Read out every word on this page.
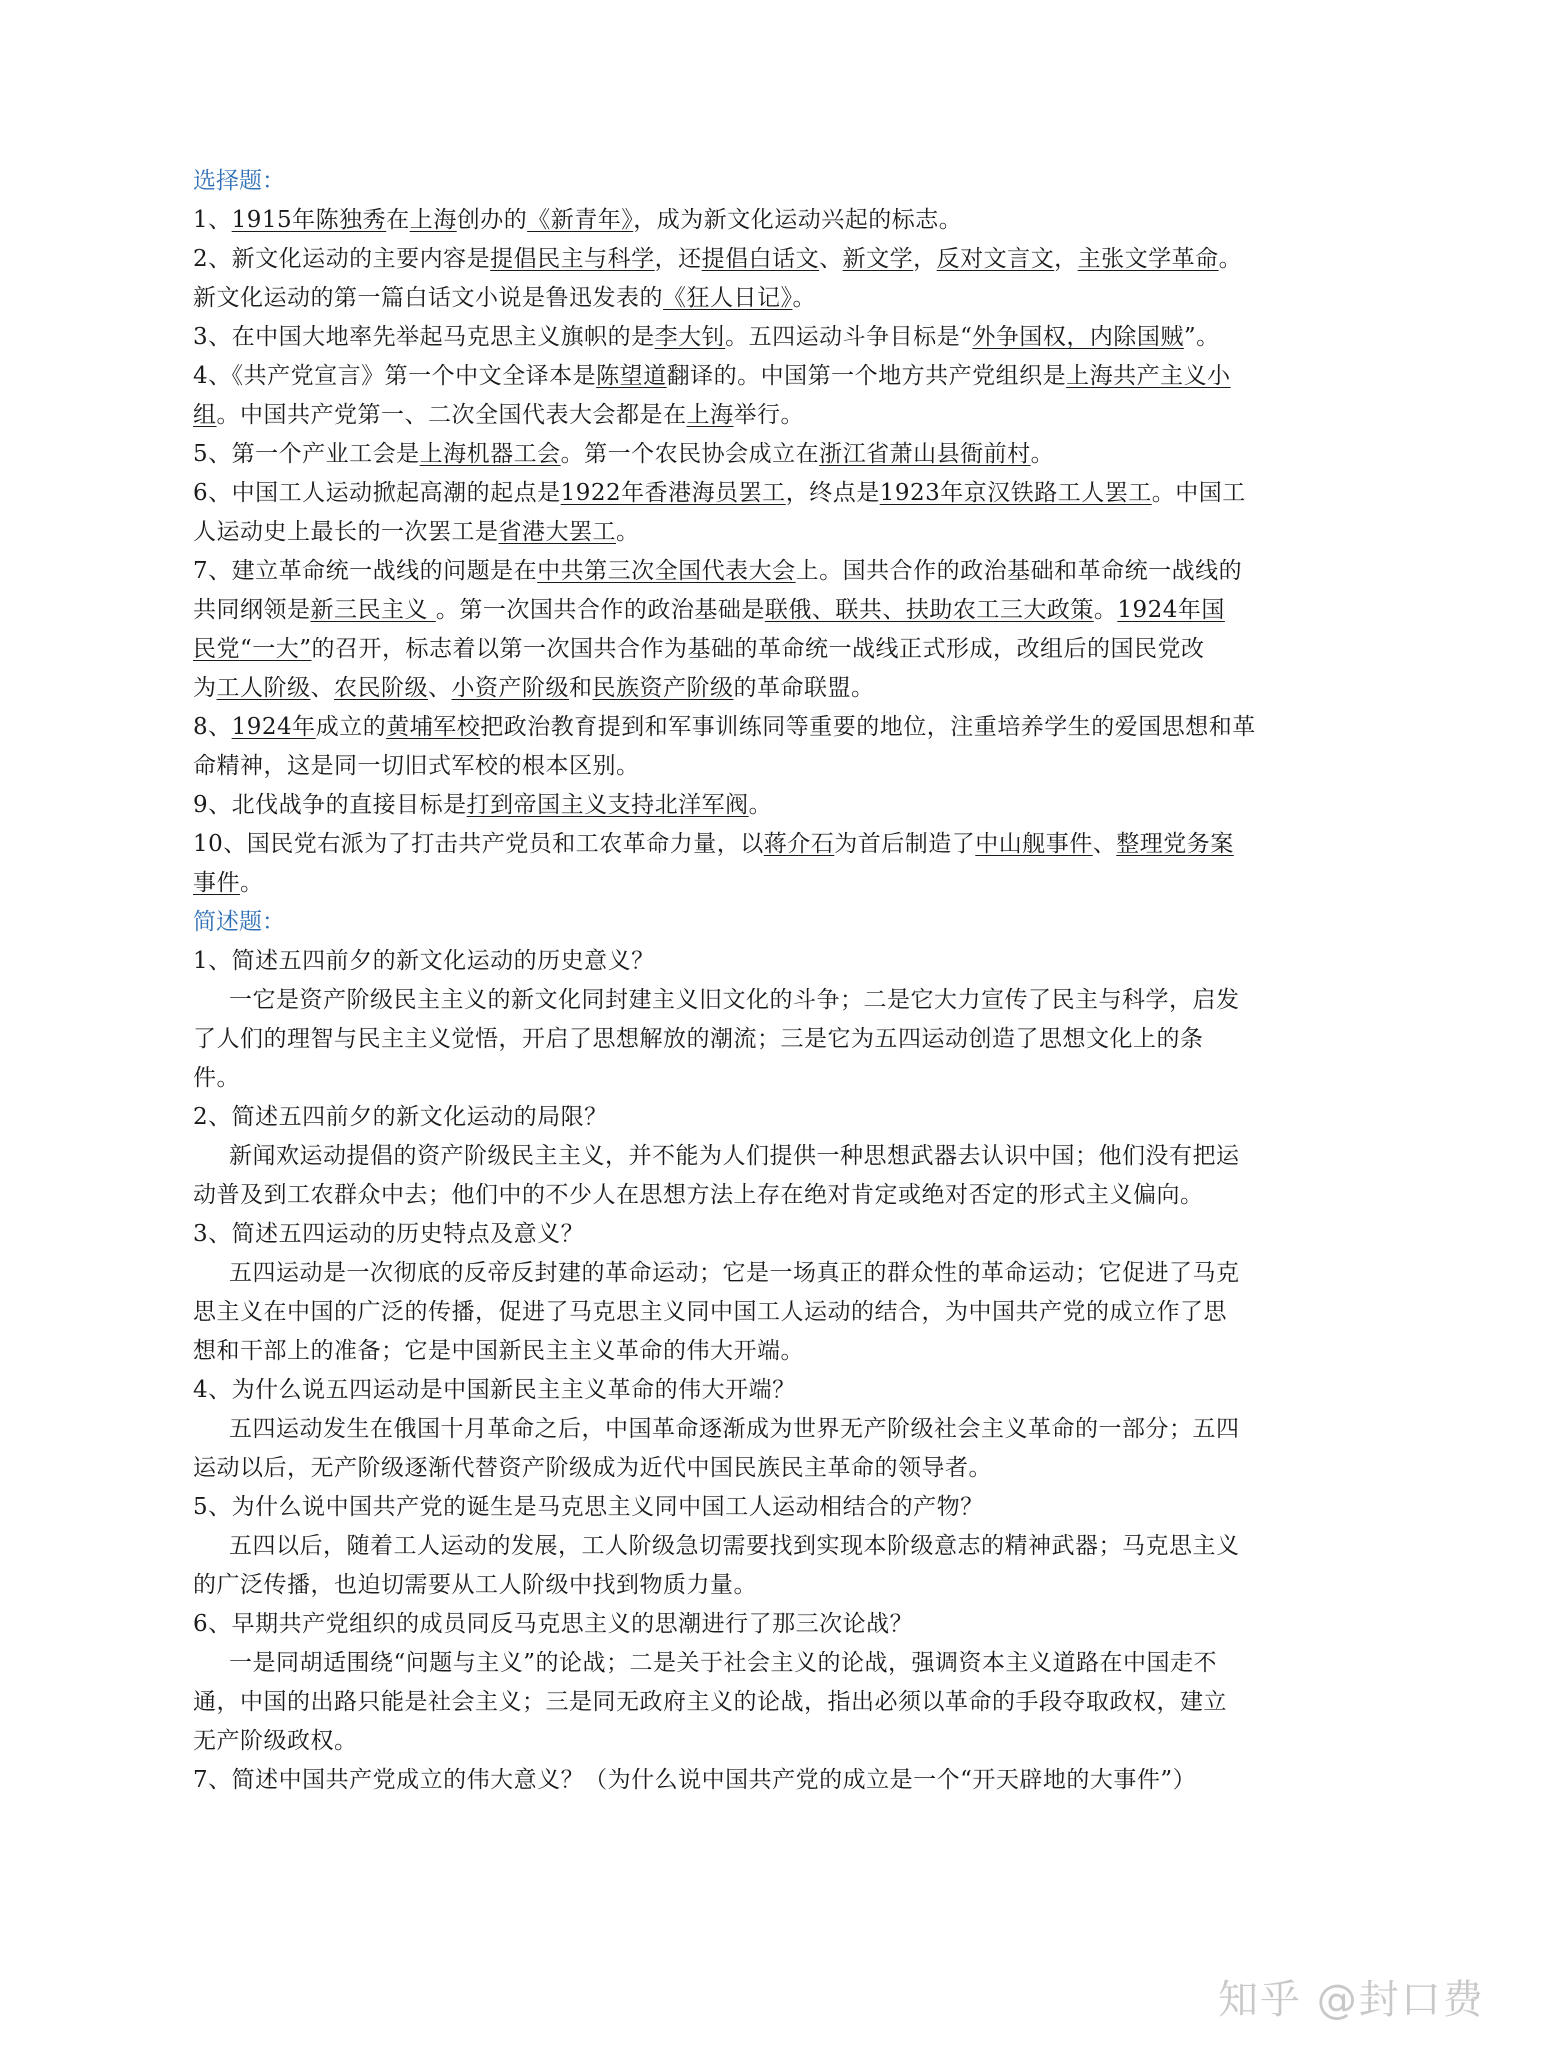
选择题：
1、1915年陈独秀在上海创办的《新青年》，成为新文化运动兴起的标志。
2、新文化运动的主要内容是提倡民主与科学，还提倡白话文、新文学，反对文言文，主张文学革命。
新文化运动的第一篇白话文小说是鲁迅发表的《狂人日记》。
3、在中国大地率先举起马克思主义旗帜的是李大钊。五四运动斗争目标是“外争国权，内除国贼”。
4、《共产党宣言》第一个中文全译本是陈望道翻译的。中国第一个地方共产党组织是上海共产主义小
组。中国共产党第一、二次全国代表大会都是在上海举行。
5、第一个产业工会是上海机器工会。第一个农民协会成立在浙江省萧山县衙前村。
6、中国工人运动掀起高潮的起点是1922年香港海员罢工，终点是1923年京汉铁路工人罢工。中国工
人运动史上最长的一次罢工是省港大罢工。
7、建立革命统一战线的问题是在中共第三次全国代表大会上。国共合作的政治基础和革命统一战线的
共同纲领是新三民主义 。第一次国共合作的政治基础是联俄、联共、扶助农工三大政策。1924年国
民党“一大”的召开，标志着以第一次国共合作为基础的革命统一战线正式形成，改组后的国民党改
为工人阶级、农民阶级、小资产阶级和民族资产阶级的革命联盟。
8、1924年成立的黄埔军校把政治教育提到和军事训练同等重要的地位，注重培养学生的爱国思想和革
命精神，这是同一切旧式军校的根本区别。
9、北伐战争的直接目标是打到帝国主义支持北洋军阀。
10、国民党右派为了打击共产党员和工农革命力量，以蒋介石为首后制造了中山舰事件、整理党务案
事件。
简述题：
1、简述五四前夕的新文化运动的历史意义？
一它是资产阶级民主主义的新文化同封建主义旧文化的斗争；二是它大力宣传了民主与科学，启发
了人们的理智与民主主义觉悟，开启了思想解放的潮流；三是它为五四运动创造了思想文化上的条
件。
2、简述五四前夕的新文化运动的局限？
新闻欢运动提倡的资产阶级民主主义，并不能为人们提供一种思想武器去认识中国；他们没有把运
动普及到工农群众中去；他们中的不少人在思想方法上存在绝对肯定或绝对否定的形式主义偏向。
3、简述五四运动的历史特点及意义？
五四运动是一次彻底的反帝反封建的革命运动；它是一场真正的群众性的革命运动；它促进了马克
思主义在中国的广泛的传播，促进了马克思主义同中国工人运动的结合，为中国共产党的成立作了思
想和干部上的准备；它是中国新民主主义革命的伟大开端。
4、为什么说五四运动是中国新民主主义革命的伟大开端？
五四运动发生在俄国十月革命之后，中国革命逐渐成为世界无产阶级社会主义革命的一部分；五四
运动以后，无产阶级逐渐代替资产阶级成为近代中国民族民主革命的领导者。
5、为什么说中国共产党的诞生是马克思主义同中国工人运动相结合的产物？
五四以后，随着工人运动的发展，工人阶级急切需要找到实现本阶级意志的精神武器；马克思主义
的广泛传播，也迫切需要从工人阶级中找到物质力量。
6、早期共产党组织的成员同反马克思主义的思潮进行了那三次论战？
一是同胡适围绕“问题与主义”的论战；二是关于社会主义的论战，强调资本主义道路在中国走不
通，中国的出路只能是社会主义；三是同无政府主义的论战，指出必须以革命的手段夺取政权，建立
无产阶级政权。
7、简述中国共产党成立的伟大意义？（为什么说中国共产党的成立是一个“开天辟地的大事件”）
知乎 @封口费
